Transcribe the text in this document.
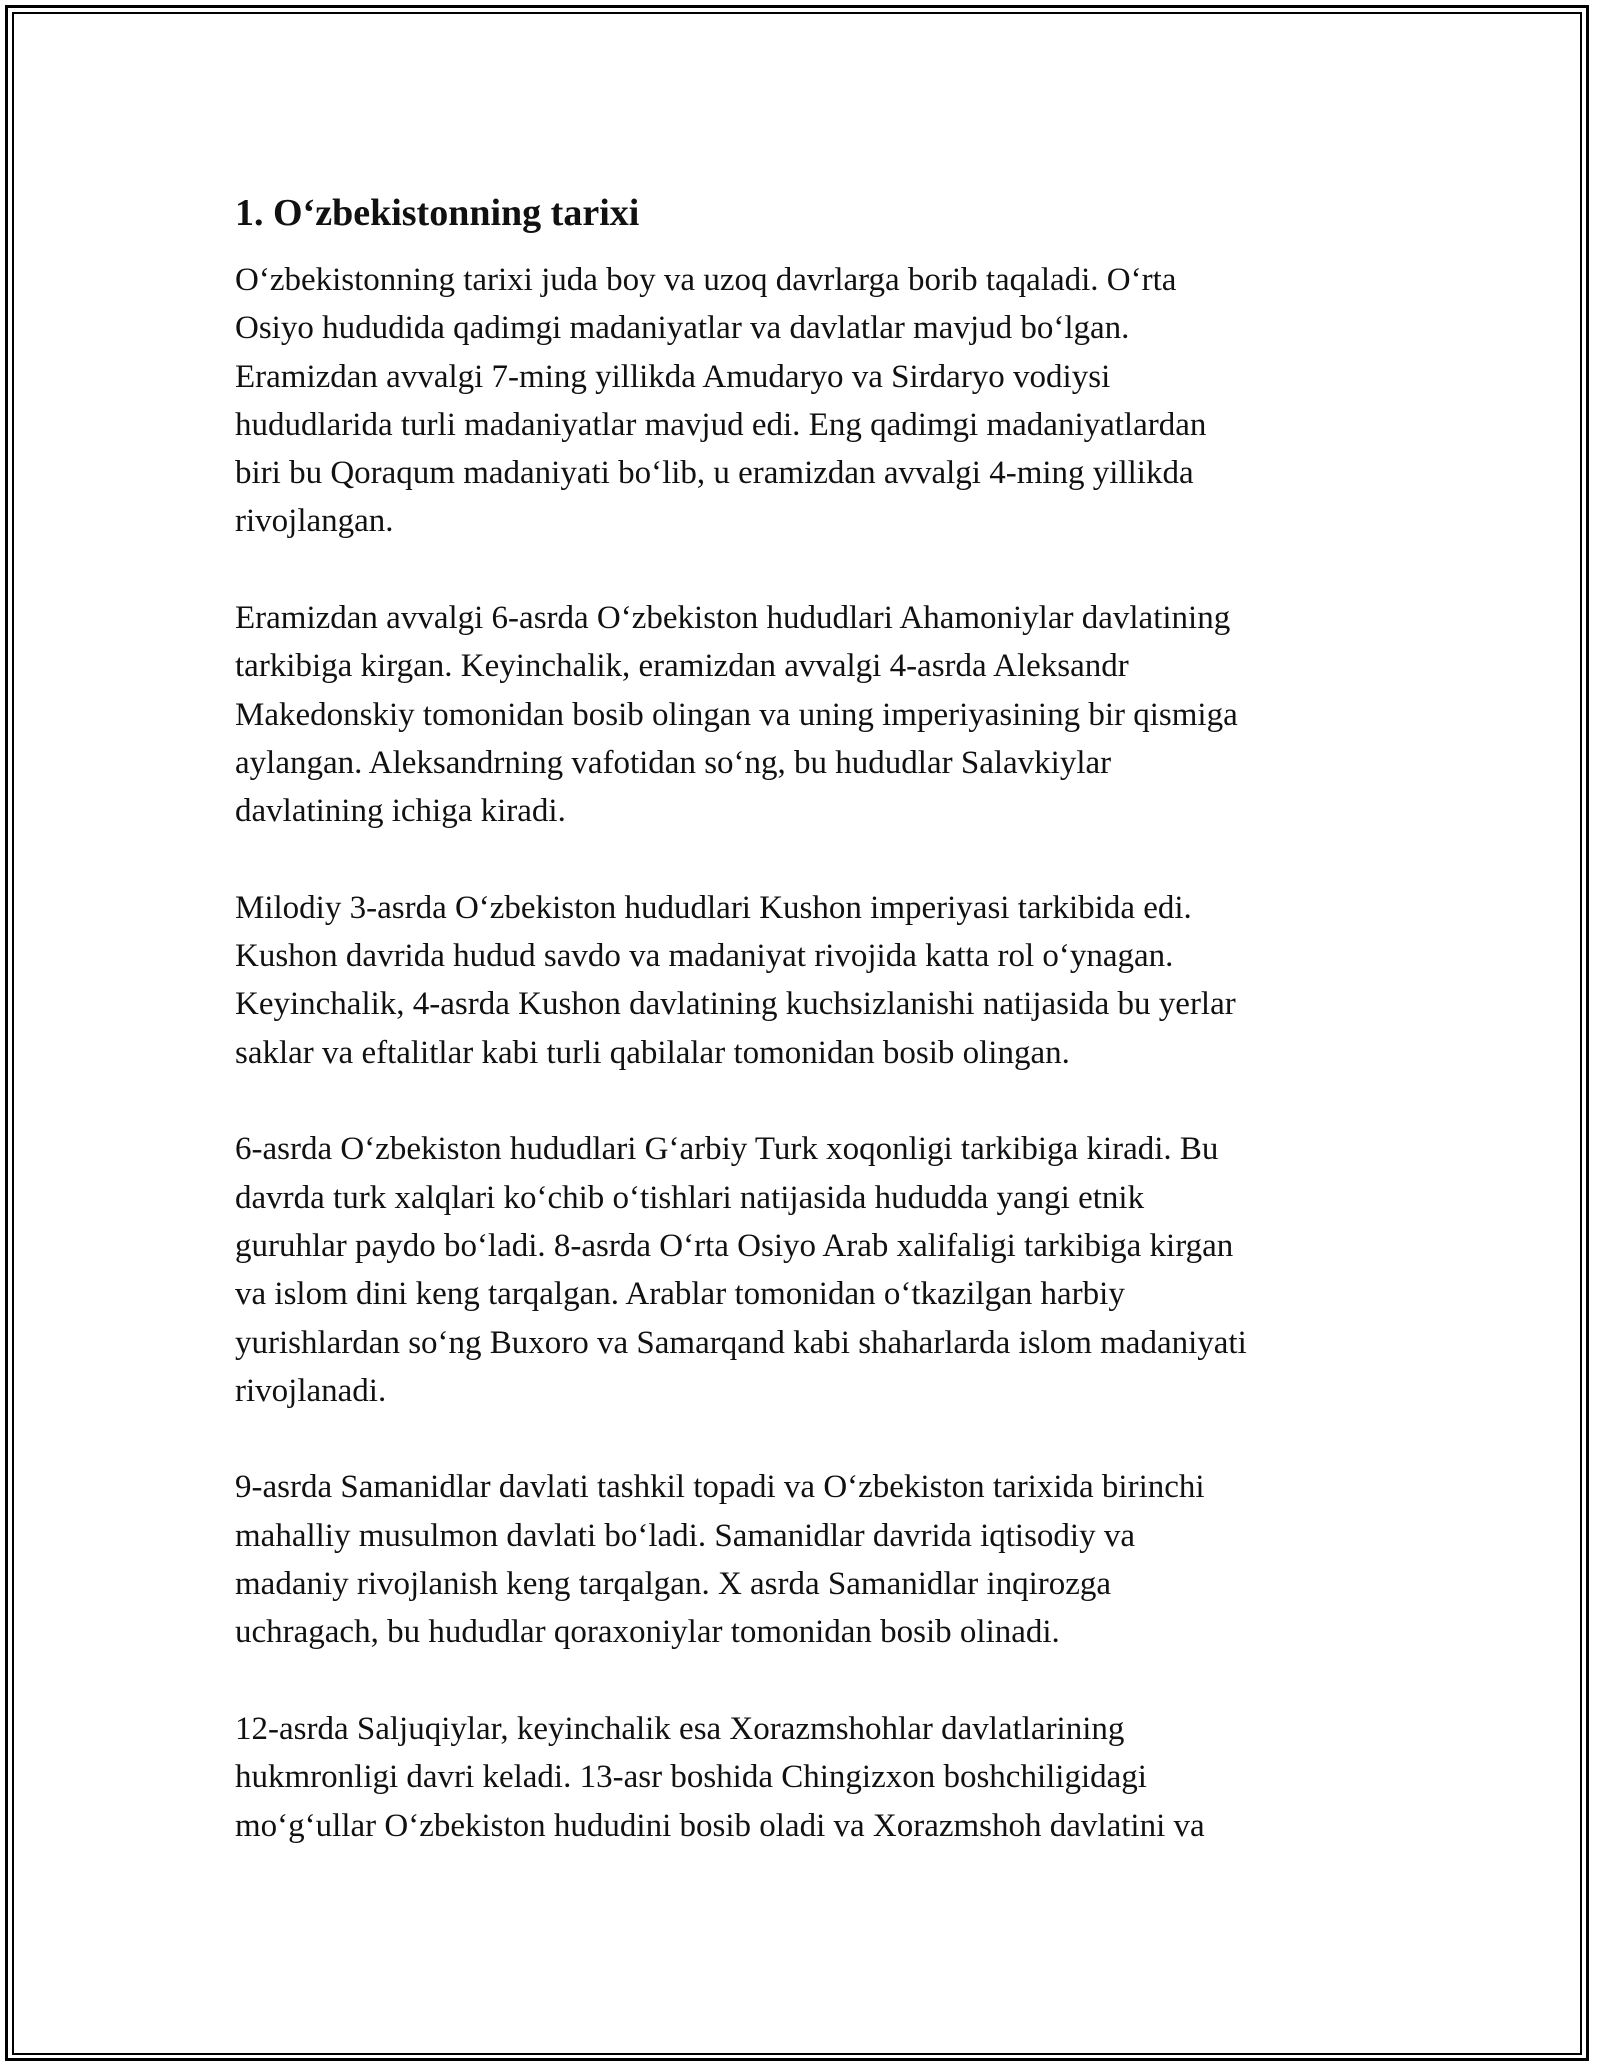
1. O‘zbekistonning tarixi

O‘zbekistonning tarixi juda boy va uzoq davrlarga borib taqaladi. O‘rta
Osiyo hududida qadimgi madaniyatlar va davlatlar mavjud bo‘lgan.
Eramizdan avvalgi 7-ming yillikda Amudaryo va Sirdaryo vodiysi
hududlarida turli madaniyatlar mavjud edi. Eng qadimgi madaniyatlardan
biri bu Qoraqum madaniyati bo‘lib, u eramizdan avvalgi 4-ming yillikda
rivojlangan.

Eramizdan avvalgi 6-asrda O‘zbekiston hududlari Ahamoniylar davlatining
tarkibiga kirgan. Keyinchalik, eramizdan avvalgi 4-asrda Aleksandr
Makedonskiy tomonidan bosib olingan va uning imperiyasining bir qismiga
aylangan. Aleksandrning vafotidan so‘ng, bu hududlar Salavkiylar
davlatining ichiga kiradi.

Milodiy 3-asrda O‘zbekiston hududlari Kushon imperiyasi tarkibida edi.
Kushon davrida hudud savdo va madaniyat rivojida katta rol o‘ynagan.
Keyinchalik, 4-asrda Kushon davlatining kuchsizlanishi natijasida bu yerlar
saklar va eftalitlar kabi turli qabilalar tomonidan bosib olingan.

6-asrda O‘zbekiston hududlari G‘arbiy Turk xoqonligi tarkibiga kiradi. Bu
davrda turk xalqlari ko‘chib o‘tishlari natijasida hududda yangi etnik
guruhlar paydo bo‘ladi. 8-asrda O‘rta Osiyo Arab xalifaligi tarkibiga kirgan
va islom dini keng tarqalgan. Arablar tomonidan o‘tkazilgan harbiy
yurishlardan so‘ng Buxoro va Samarqand kabi shaharlarda islom madaniyati
rivojlanadi.

9-asrda Samanidlar davlati tashkil topadi va O‘zbekiston tarixida birinchi
mahalliy musulmon davlati bo‘ladi. Samanidlar davrida iqtisodiy va
madaniy rivojlanish keng tarqalgan. X asrda Samanidlar inqirozga
uchragach, bu hududlar qoraxoniylar tomonidan bosib olinadi.

12-asrda Saljuqiylar, keyinchalik esa Xorazmshohlar davlatlarining
hukmronligi davri keladi. 13-asr boshida Chingizxon boshchiligidagi
mo‘g‘ullar O‘zbekiston hududini bosib oladi va Xorazmshoh davlatini va
